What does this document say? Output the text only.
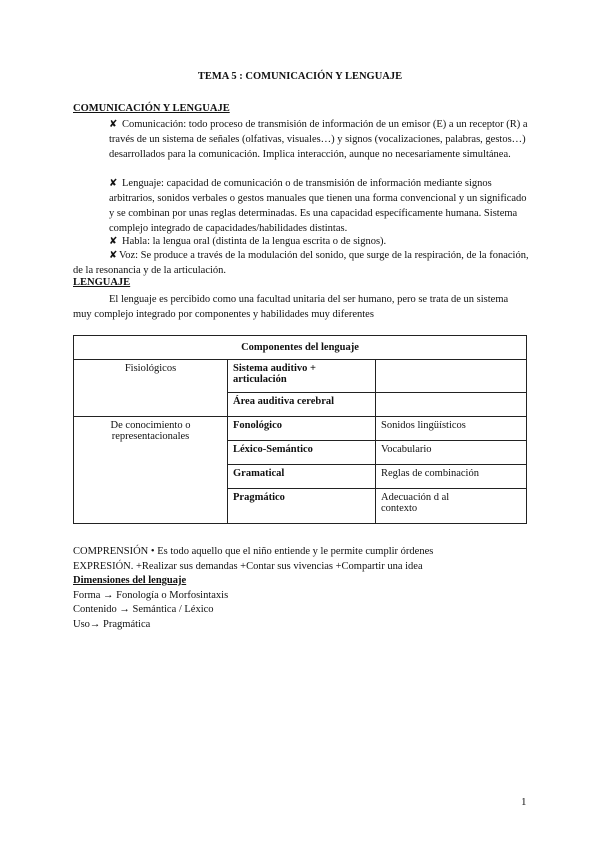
TEMA 5 : COMUNICACIÓN Y LENGUAJE
COMUNICACIÓN Y LENGUAJE
✘ Comunicación: todo proceso de transmisión de información de un emisor (E) a un receptor (R) a través de un sistema de señales (olfativas, visuales…) y signos (vocalizaciones, palabras, gestos…) desarrollados para la comunicación. Implica interacción, aunque no necesariamente simultánea.
✘ Lenguaje: capacidad de comunicación o de transmisión de información mediante signos arbitrarios, sonidos verbales o gestos manuales que tienen una forma convencional y un significado y se combinan por unas reglas determinadas. Es una capacidad específicamente humana. Sistema complejo integrado de capacidades/habilidades distintas.
✘ Habla: la lengua oral (distinta de la lengua escrita o de signos).
✘ Voz: Se produce a través de la modulación del sonido, que surge de la respiración, de la fonación, de la resonancia y de la articulación.
LENGUAJE
El lenguaje es percibido como una facultad unitaria del ser humano, pero se trata de un sistema muy complejo integrado por componentes y habilidades muy diferentes
Componentes del lenguaje		
Fisiológicos	Sistema auditivo + articulación	
	Área auditiva cerebral	
De conocimiento o representacionales	Fonológico	Sonidos lingüísticos
	Léxico-Semántico	Vocabulario
	Gramatical	Reglas de combinación
	Pragmático	Adecuación d al contexto
COMPRENSIÓN • Es todo aquello que el niño entiende y le permite cumplir órdenes
EXPRESIÓN. +Realizar sus demandas +Contar sus vivencias +Compartir una idea
Dimensiones del lenguaje
Forma → Fonología o Morfosintaxis
Contenido → Semántica / Léxico
Uso→ Pragmática
1
